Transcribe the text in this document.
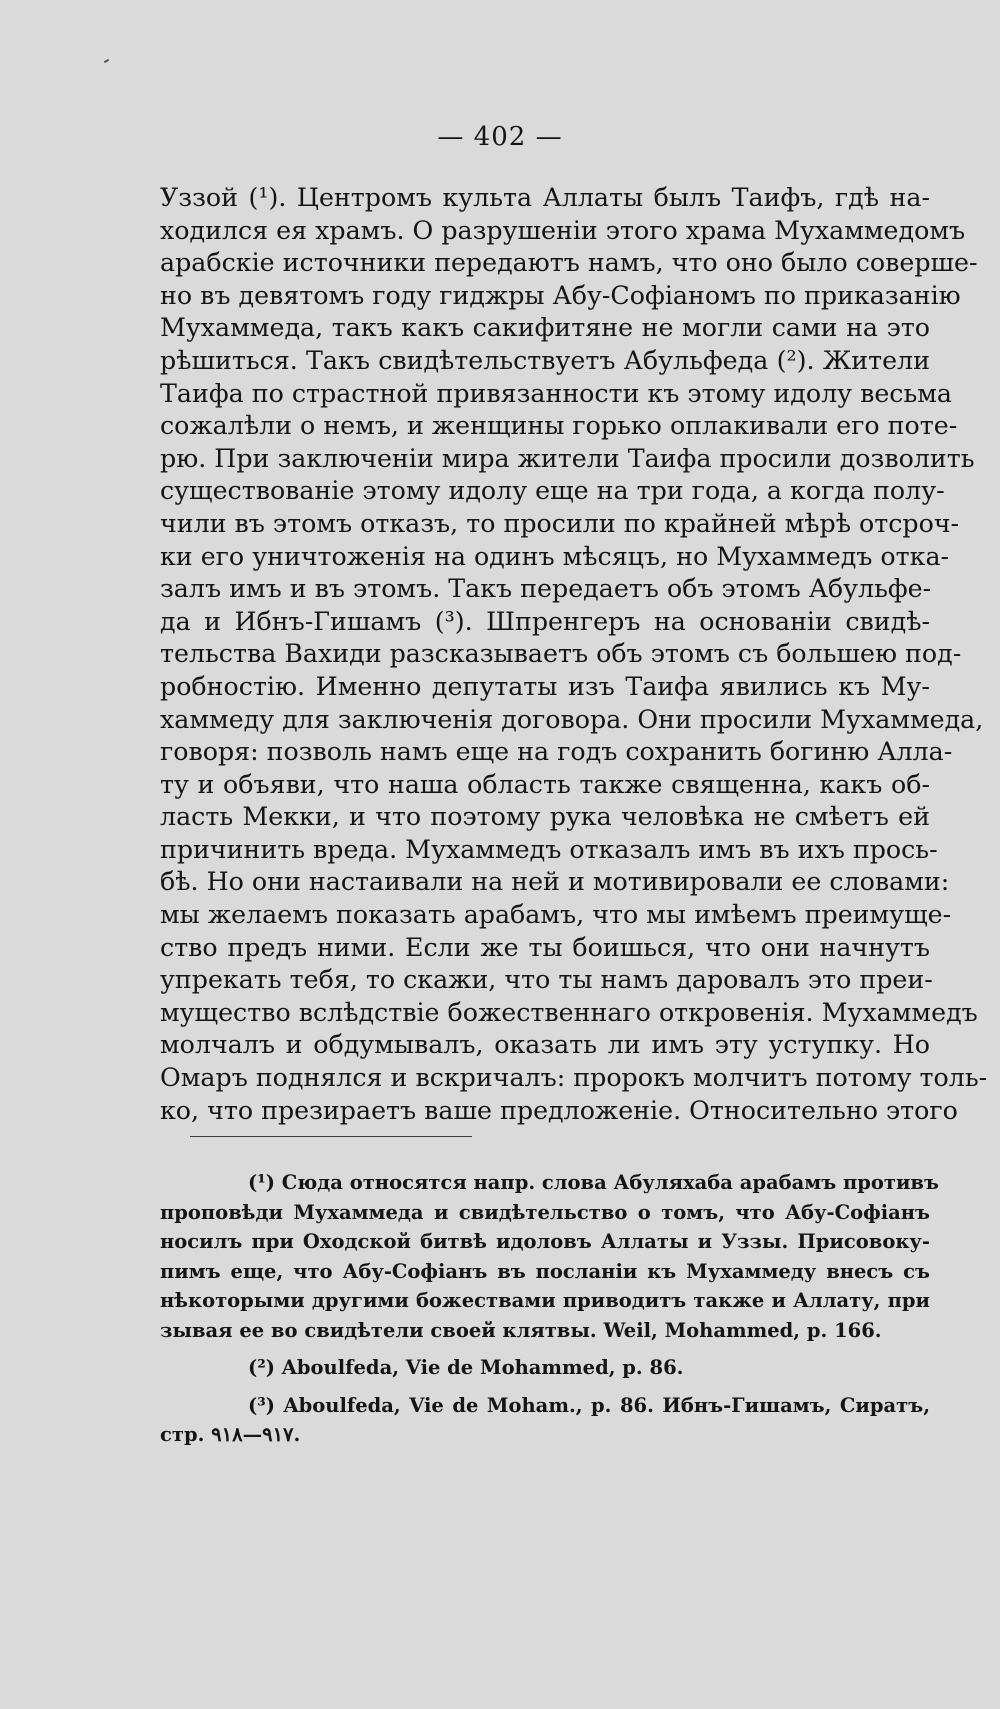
— 402 —
Уззой (¹). Центромъ культа Аллаты былъ Таифъ, гдѣ на-
ходился ея храмъ. О разрушеніи этого храма Мухаммедомъ
арабскіе источники передаютъ намъ, что оно было соверше-
но въ девятомъ году гиджры Абу-Софіаномъ по приказанію
Мухаммеда, такъ какъ сакифитяне не могли сами на это
рѣшиться. Такъ свидѣтельствуетъ Абульфеда (²). Жители
Таифа по страстной привязанности къ этому идолу весьма
сожалѣли о немъ, и женщины горько оплакивали его поте-
рю. При заключеніи мира жители Таифа просили дозволить
существованіе этому идолу еще на три года, а когда полу-
чили въ этомъ отказъ, то просили по крайней мѣрѣ отсроч-
ки его уничтоженія на одинъ мѣсяцъ, но Мухаммедъ отка-
залъ имъ и въ этомъ. Такъ передаетъ объ этомъ Абульфе-
да и Ибнъ-Гишамъ (³). Шпренгеръ на основаніи свидѣ-
тельства Вахиди разсказываетъ объ этомъ съ большею под-
робностію. Именно депутаты изъ Таифа явились къ Му-
хаммеду для заключенія договора. Они просили Мухаммеда,
говоря: позволь намъ еще на годъ сохранить богиню Алла-
ту и объяви, что наша область также священна, какъ об-
ласть Мекки, и что поэтому рука человѣка не смѣетъ ей
причинить вреда. Мухаммедъ отказалъ имъ въ ихъ прось-
бѣ. Но они настаивали на ней и мотивировали ее словами:
мы желаемъ показать арабамъ, что мы имѣемъ преимуще-
ство предъ ними. Если же ты боишься, что они начнутъ
упрекать тебя, то скажи, что ты намъ даровалъ это преи-
мущество вслѣдствіе божественнаго откровенія. Мухаммедъ
молчалъ и обдумывалъ, оказать ли имъ эту уступку. Но
Омаръ поднялся и вскричалъ: пророкъ молчитъ потому толь-
ко, что презираетъ ваше предложеніе. Относительно этого
(¹) Сюда относятся напр. слова Абуляхаба арабамъ противъ
проповѣди Мухаммеда и свидѣтельство о томъ, что Абу-Софіанъ
носилъ при Оходской битвѣ идоловъ Аллаты и Уззы. Присовоку-
пимъ еще, что Абу-Софіанъ въ посланіи къ Мухаммеду внесъ съ
нѣкоторыми другими божествами приводитъ также и Аллату, при
зывая ее во свидѣтели своей клятвы. Weil, Mohammed, p. 166.
(²) Aboulfeda, Vie de Mohammed, p. 86.
(³) Aboulfeda, Vie de Moham., p. 86. Ибнъ-Гишамъ, Сиратъ,
стр. ٩١٧—٩١٨.
